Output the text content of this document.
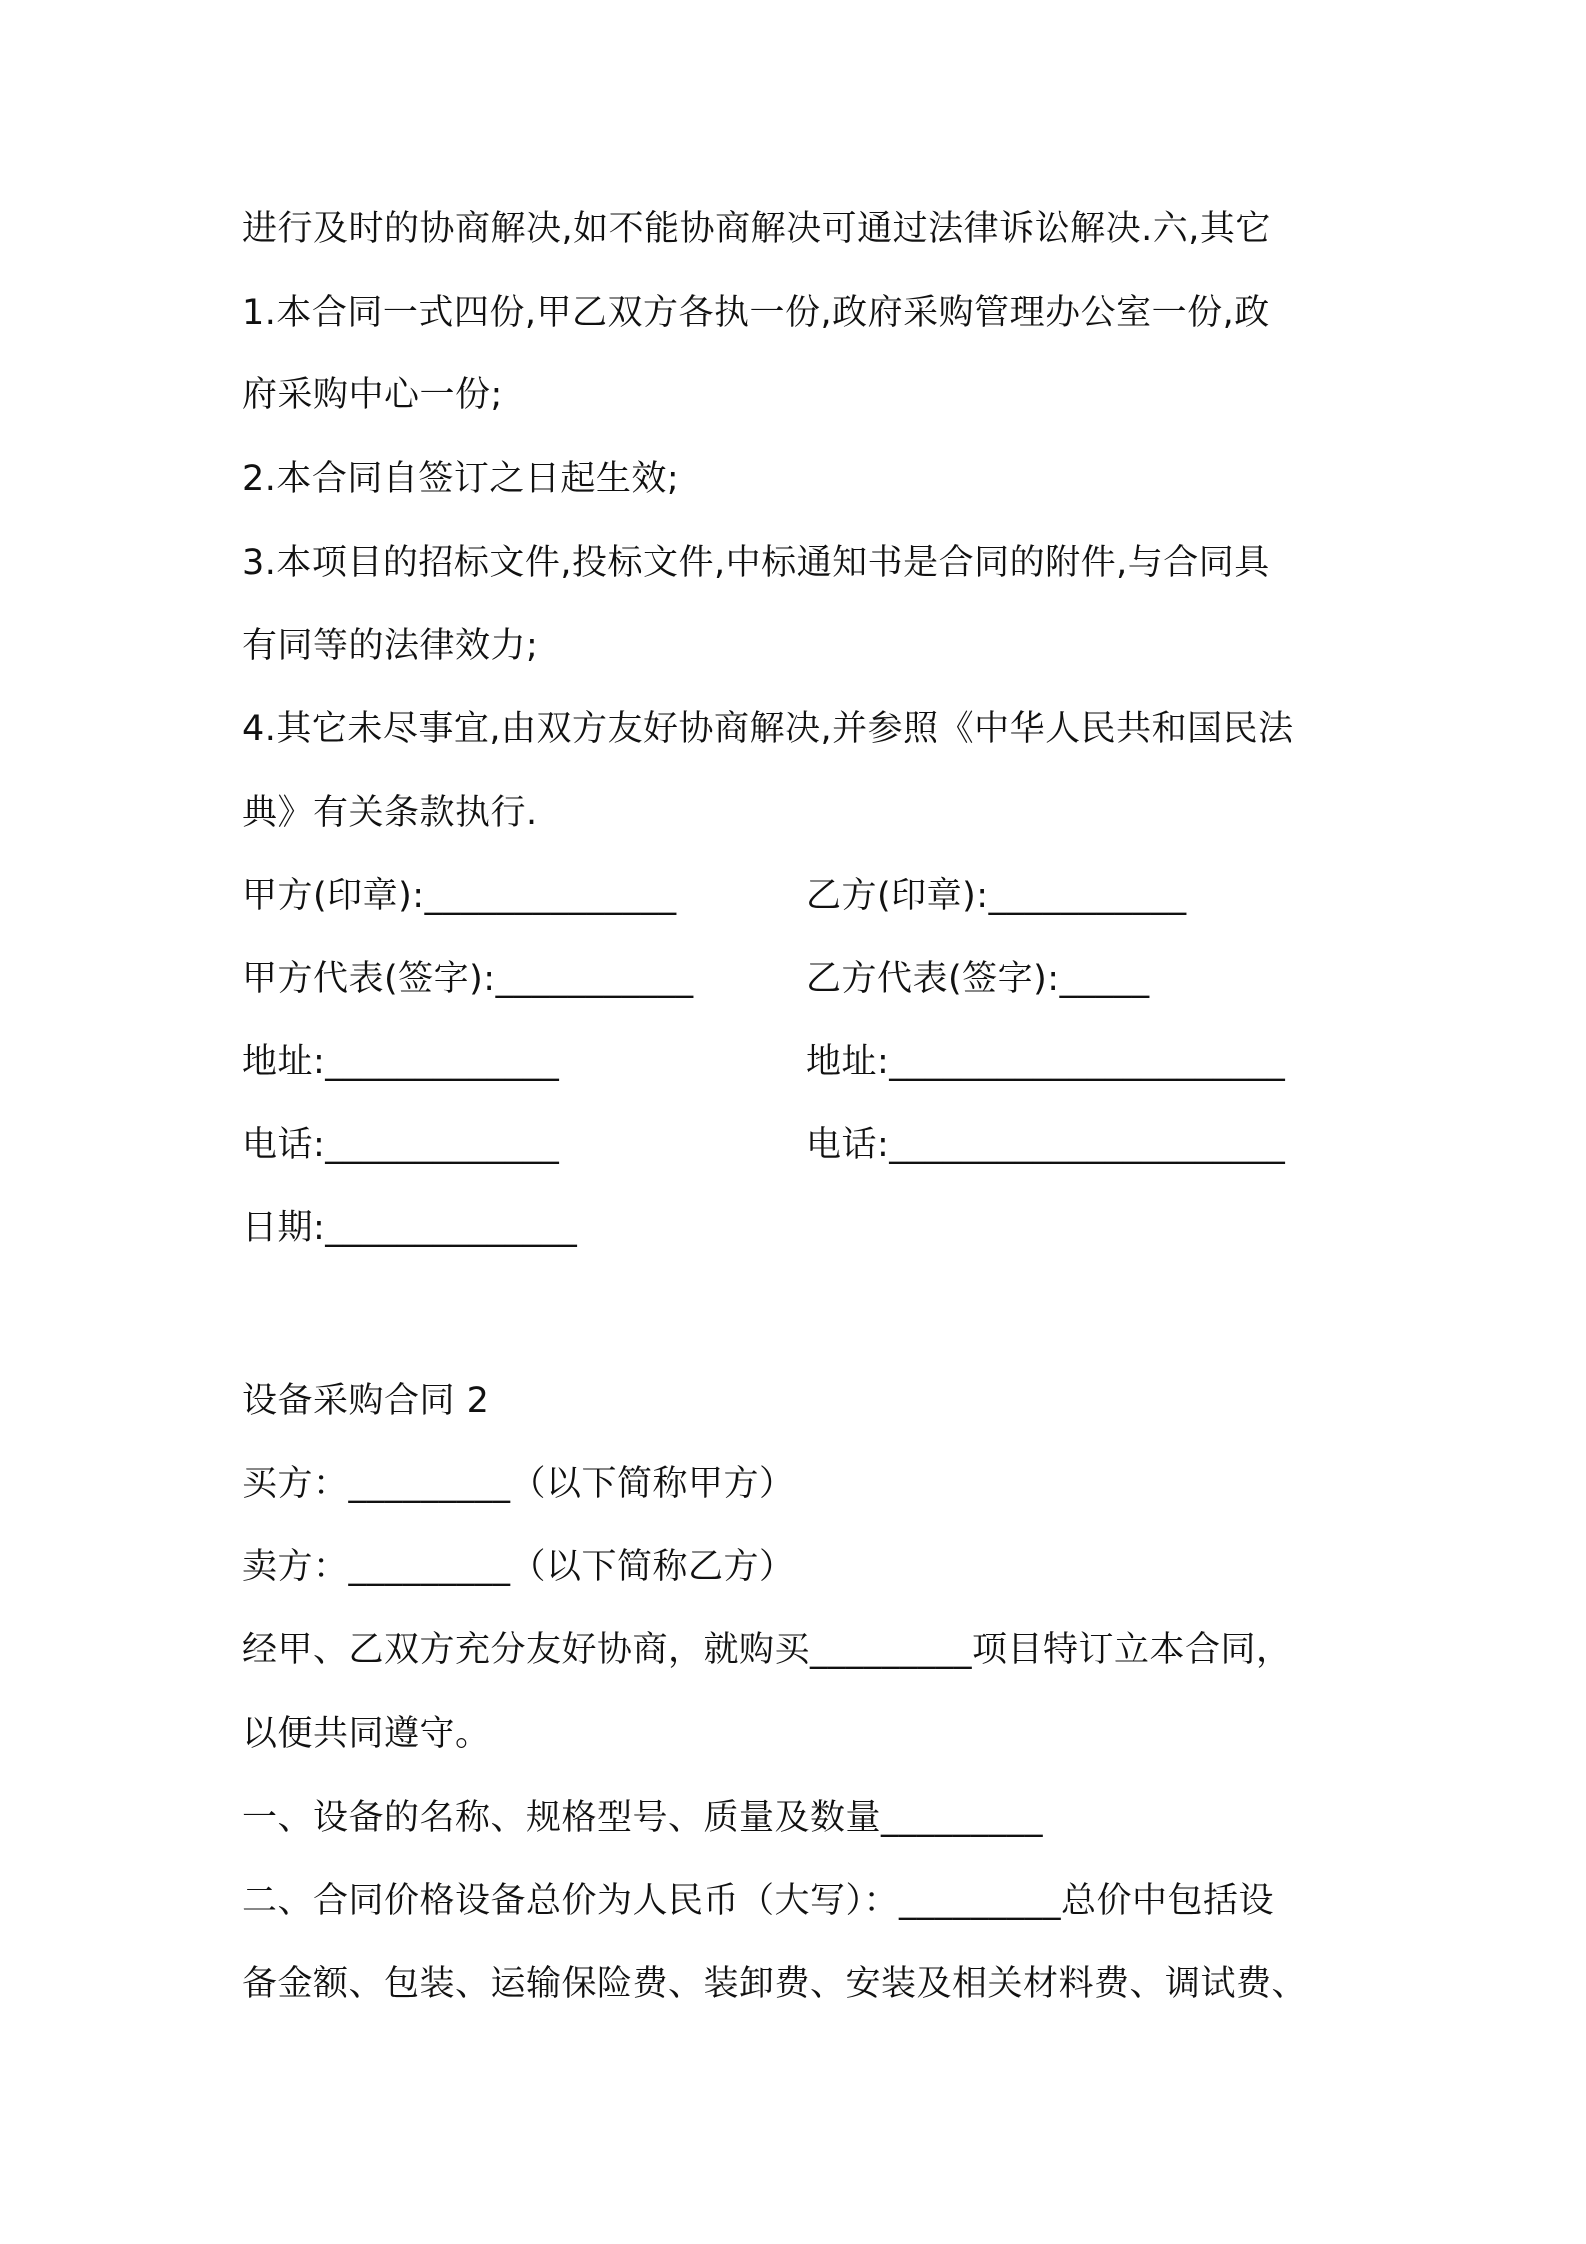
进行及时的协商解决,如不能协商解决可通过法律诉讼解决.六,其它
1.本合同一式四份,甲乙双方各执一份,政府采购管理办公室一份,政
府采购中心一份;
2.本合同自签订之日起生效;
3.本项目的招标文件,投标文件,中标通知书是合同的附件,与合同具
有同等的法律效力;
4.其它未尽事宜,由双方友好协商解决,并参照《中华人民共和国民法
典》有关条款执行.
甲方(印章):______________	乙方(印章):___________
甲方代表(签字):___________	乙方代表(签字):_____
地址:_____________	地址:______________________
电话:_____________	电话:______________________
日期:______________
设备采购合同 2
买方：_________（以下简称甲方）
卖方：_________（以下简称乙方）
经甲、乙双方充分友好协商，就购买_________项目特订立本合同，
以便共同遵守。
一、设备的名称、规格型号、质量及数量_________
二、合同价格设备总价为人民币（大写）：_________总价中包括设
备金额、包装、运输保险费、装卸费、安装及相关材料费、调试费、
